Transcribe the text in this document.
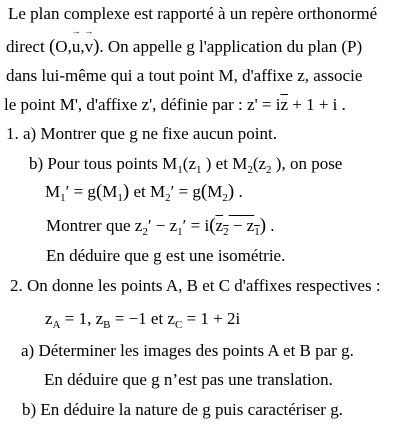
Le plan complexe est rapporté à un repère orthonormé
direct (O,→ u,→ v). On appelle g l'application du plan (P)
dans lui-même qui a tout point M, d'affixe z, associe
le point M', d'affixe z', définie par : $z' = i\overline{z} + 1 + i$ .
1. a) Montrer que g ne fixe aucun point.
b) Pour tous points $M_1(z_1$ ) et $M_2(z_2$ ), on pose
$M_1' = g(M_1)$ et $M_2' = g(M_2)$ .
Montrer que $z_2' - z_1' = i(z_2 - z_1)$ .
En déduire que g est une isométrie.
2. On donne les points A, B et C d'affixes respectives :
$z_A = 1$, $z_B = -1$ et $z_C = 1 + 2i$
a) Déterminer les images des points A et B par g.
En déduire que g n’est pas une translation.
b) En déduire la nature de g puis caractériser g.
